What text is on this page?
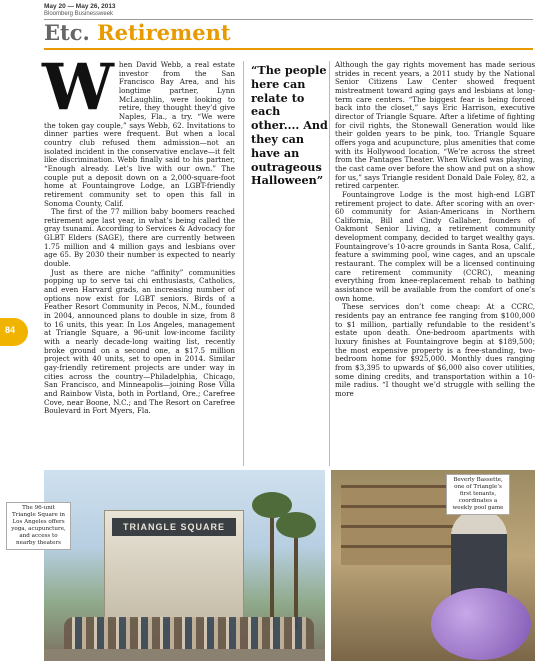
May 20 — May 26, 2013
Bloomberg Businessweek
Etc. Retirement
W hen David Webb, a real estate investor from the San Francisco Bay Area, and his longtime partner, Lynn McLaughlin, were looking to retire, they thought they’d give Naples, Fla., a try. “We were the token gay couple,” says Webb, 62. Invitations to dinner parties were frequent. But when a local country club refused them admission—not an isolated incident in the conservative enclave—it felt like discrimination. Webb finally said to his partner, “Enough already. Let’s live with our own.” The couple put a deposit down on a 2,000-square-foot home at Fountaingrove Lodge, an LGBT-friendly retirement community set to open this fall in Sonoma County, Calif.

The first of the 77 million baby boomers reached retirement age last year, in what’s being called the gray tsunami. According to Services & Advocacy for GLBT Elders (SAGE), there are currently between 1.75 million and 4 million gays and lesbians over age 65. By 2030 their number is expected to nearly double.

Just as there are niche “affinity” communities popping up to serve tai chi enthusiasts, Catholics, and even Harvard grads, an increasing number of options now exist for LGBT seniors. Birds of a Feather Resort Community in Pecos, N.M., founded in 2004, announced plans to double in size, from 8 to 16 units, this year. In Los Angeles, management at Triangle Square, a 96-unit low-income facility with a nearly decade-long waiting list, recently broke ground on a second one, a $17.5 million project with 40 units, set to open in 2014. Similar gay-friendly retirement projects are under way in cities across the country—Philadelphia, Chicago, San Francisco, and Minneapolis—joining Rose Villa and Rainbow Vista, both in Portland, Ore.; Carefree Cove, near Boone, N.C.; and The Resort on Carefree Boulevard in Fort Myers, Fla.

“The people here can relate to each other.... And they can have an outrageous Halloween”

Although the gay rights movement has made serious strides in recent years, a 2011 study by the National Senior Citizens Law Center showed frequent mistreatment toward aging gays and lesbians at long-term care centers. “The biggest fear is being forced back into the closet,” says Eric Harrison, executive director of Triangle Square. After a lifetime of fighting for civil rights, the Stonewall Generation would like their golden years to be pink, too. Triangle Square offers yoga and acupuncture, plus amenities that come with its Hollywood location. “We’re across the street from the Pantages Theater. When Wicked was playing, the cast came over before the show and put on a show for us,” says Triangle resident Donald Dale Foley, 82, a retired carpenter.

Fountaingrove Lodge is the most high-end LGBT retirement project to date. After scoring with an over-60 community for Asian-Americans in Northern California, Bill and Cindy Gallaher, founders of Oakmont Senior Living, a retirement community development company, decided to target wealthy gays. Fountaingrove’s 10-acre grounds in Santa Rosa, Calif., feature a swimming pool, wine cages, and an upscale restaurant. The complex will be a licensed continuing care retirement community (CCRC), meaning everything from knee-replacement rehab to bathing assistance will be available from the comfort of one’s own home.

These services don’t come cheap: At a CCRC, residents pay an entrance fee ranging from $100,000 to $1 million, partially refundable to the resident’s estate upon death. One-bedroom apartments with luxury finishes at Fountaingrove begin at $189,500; the most expensive property is a free-standing, two-bedroom home for $925,000. Monthly dues ranging from $3,395 to upwards of $6,000 also cover utilities, some dining credits, and transportation within a 10-mile radius. “I thought we’d struggle with selling the more

84
TRIANGLE SQUARE
The 96-unit Triangle Square in Los Angeles offers yoga, acupuncture, and access to nearby theaters
Beverly Bassette, one of Triangle’s first tenants, coordinates a weekly pool game
